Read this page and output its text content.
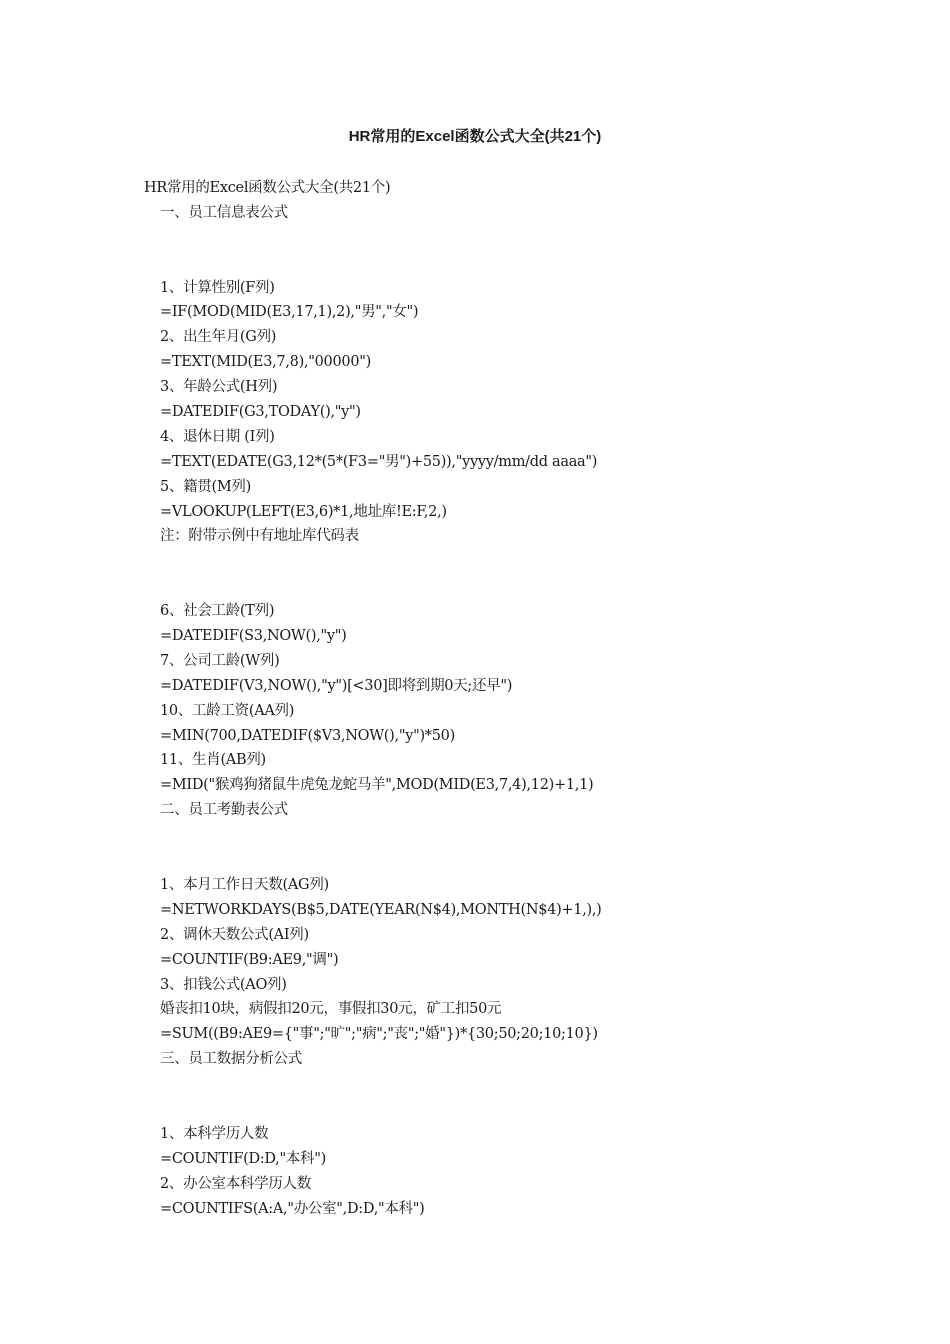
HR常用的Excel函数公式大全(共21个)
HR常用的Excel函数公式大全(共21个)
一、员工信息表公式
1、计算性别(F列)
=IF(MOD(MID(E3,17,1),2),"男","女")
2、出生年月(G列)
=TEXT(MID(E3,7,8),"00000")
3、年龄公式(H列)
=DATEDIF(G3,TODAY(),"y")
4、退休日期 (I列)
=TEXT(EDATE(G3,12*(5*(F3="男")+55)),"yyyy/mm/dd aaaa")
5、籍贯(M列)
=VLOOKUP(LEFT(E3,6)*1,地址库!E:F,2,)
注：附带示例中有地址库代码表
6、社会工龄(T列)
=DATEDIF(S3,NOW(),"y")
7、公司工龄(W列)
=DATEDIF(V3,NOW(),"y")[<30]即将到期0天;还早")
10、工龄工资(AA列)
=MIN(700,DATEDIF($V3,NOW(),"y")*50)
11、生肖(AB列)
=MID("猴鸡狗猪鼠牛虎兔龙蛇马羊",MOD(MID(E3,7,4),12)+1,1)
二、员工考勤表公式
1、本月工作日天数(AG列)
=NETWORKDAYS(B$5,DATE(YEAR(N$4),MONTH(N$4)+1,),)
2、调休天数公式(AI列)
=COUNTIF(B9:AE9,"调")
3、扣钱公式(AO列)
婚丧扣10块，病假扣20元，事假扣30元，矿工扣50元
=SUM((B9:AE9={"事";"旷";"病";"丧";"婚"})*{30;50;20;10;10})
三、员工数据分析公式
1、本科学历人数
=COUNTIF(D:D,"本科")
2、办公室本科学历人数
=COUNTIFS(A:A,"办公室",D:D,"本科")
